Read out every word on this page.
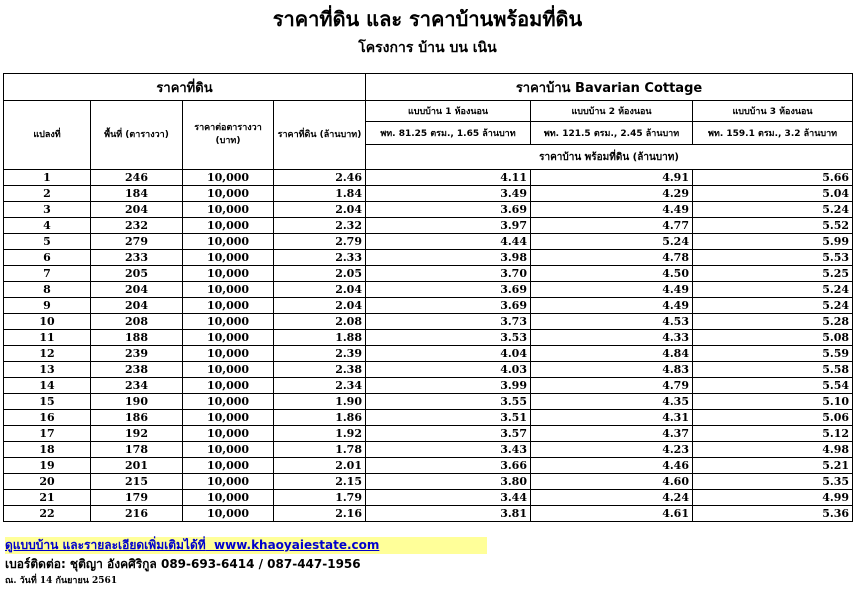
ราคาที่ดิน และ ราคาบ้านพร้อมที่ดิน
โครงการ บ้าน บน เนิน
ราคาที่ดิน				ราคาบ้าน Bavarian Cottage		
แปลงที่	พื้นที่ (ตารางวา)	ราคาต่อตารางวา (บาท)	ราคาที่ดิน (ล้านบาท)	แบบบ้าน 1 ห้องนอน	แบบบ้าน 2 ห้องนอน	แบบบ้าน 3 ห้องนอน
				พท. 81.25 ตรม., 1.65 ล้านบาท	พท. 121.5 ตรม., 2.45 ล้านบาท	พท. 159.1 ตรม., 3.2 ล้านบาท
				ราคาบ้าน พร้อมที่ดิน (ล้านบาท)		
1	246	10,000	2.46	4.11	4.91	5.66
2	184	10,000	1.84	3.49	4.29	5.04
3	204	10,000	2.04	3.69	4.49	5.24
4	232	10,000	2.32	3.97	4.77	5.52
5	279	10,000	2.79	4.44	5.24	5.99
6	233	10,000	2.33	3.98	4.78	5.53
7	205	10,000	2.05	3.70	4.50	5.25
8	204	10,000	2.04	3.69	4.49	5.24
9	204	10,000	2.04	3.69	4.49	5.24
10	208	10,000	2.08	3.73	4.53	5.28
11	188	10,000	1.88	3.53	4.33	5.08
12	239	10,000	2.39	4.04	4.84	5.59
13	238	10,000	2.38	4.03	4.83	5.58
14	234	10,000	2.34	3.99	4.79	5.54
15	190	10,000	1.90	3.55	4.35	5.10
16	186	10,000	1.86	3.51	4.31	5.06
17	192	10,000	1.92	3.57	4.37	5.12
18	178	10,000	1.78	3.43	4.23	4.98
19	201	10,000	2.01	3.66	4.46	5.21
20	215	10,000	2.15	3.80	4.60	5.35
21	179	10,000	1.79	3.44	4.24	4.99
22	216	10,000	2.16	3.81	4.61	5.36
ดูแบบบ้าน และรายละเอียดเพิ่มเติมได้ที่ www.khaoyaiestate.com
เบอร์ติดต่อ: ชุติญา อังคศิริกูล 089-693-6414 / 087-447-1956
ณ. วันที่ 14 กันยายน 2561
